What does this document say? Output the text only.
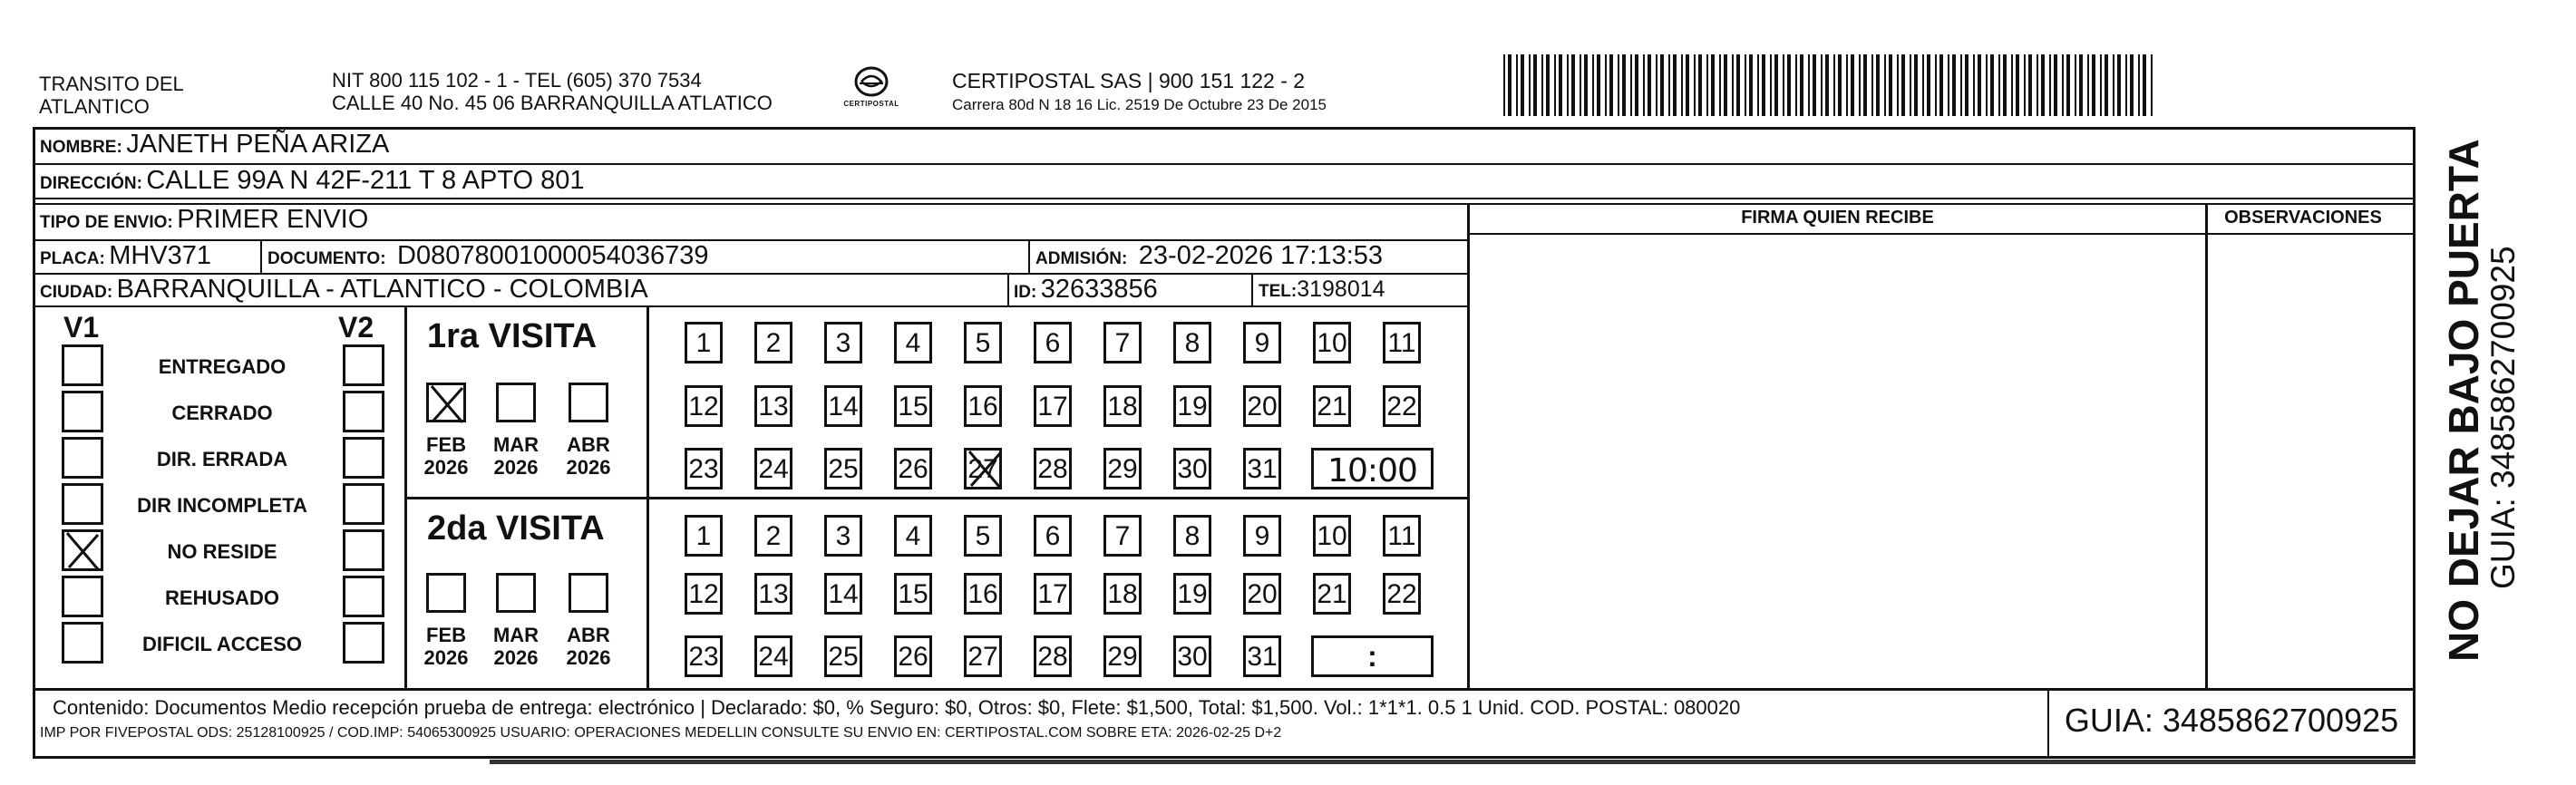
TRANSITO DEL
ATLANTICO
NIT 800 115 102 - 1 - TEL (605) 370 7534
CALLE 40 No. 45 06 BARRANQUILLA ATLATICO	CERTIPOSTAL
CERTIPOSTAL SAS | 900 151 122 - 2
Carrera 80d N 18 16 Lic. 2519 De Octubre 23 De 2015
NOMBRE: JANETH PEÑA ARIZA
DIRECCIÓN: CALLE 99A N 42F-211 T 8 APTO 801
TIPO DE ENVIO: PRIMER ENVIO
PLACA: MHV371	DOCUMENTO: D08078001000054036739	ADMISIÓN: 23-02-2026 17:13:53
CIUDAD: BARRANQUILLA - ATLANTICO - COLOMBIA	ID: 32633856	TEL:3198014
FIRMA QUIEN RECIBE	OBSERVACIONES	NO DEJAR BAJO PUERTA
GUIA: 3485862700925
V1	V2 1ra VISITA
2da VISITA
10:00
:
Contenido: Documentos Medio recepción prueba de entrega: electrónico | Declarado: $0, % Seguro: $0, Otros: $0, Flete: $1,500, Total: $1,500. Vol.: 1*1*1. 0.5 1 Unid. COD. POSTAL: 080020
IMP POR FIVEPOSTAL ODS: 25128100925 / COD.IMP: 54065300925 USUARIO: OPERACIONES MEDELLIN CONSULTE SU ENVIO EN: CERTIPOSTAL.COM SOBRE ETA: 2026-02-25 D+2	GUIA: 3485862700925
ENTREGADO
CERRADO
DIR. ERRADA
DIR INCOMPLETA
NO RESIDE
REHUSADO
DIFICIL ACCESO
FEB
2026
MAR
2026
ABR
2026
FEB
2026
MAR
2026
ABR
2026
1	2	3	4	5	6	7	8	9	10 11
12 13 14 15 16 17 18 19 20 21 22
23 24 25 26 27 28 29 30 31
1	2	3	4	5	6	7	8	9	10 11
12 13 14 15 16 17 18 19 20 21 22
23 24 25 26 27 28 29 30 31
